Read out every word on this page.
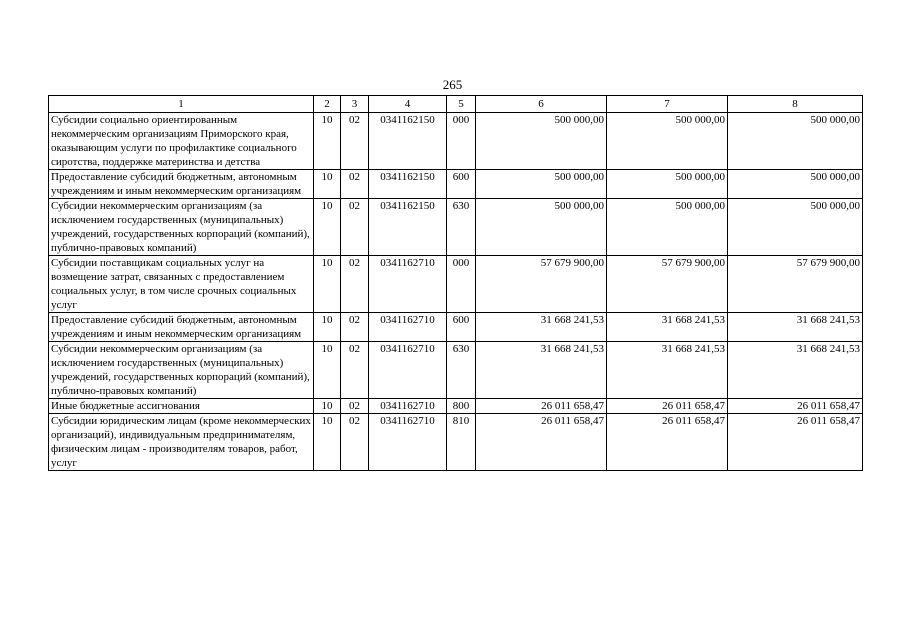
265
1	2	3	4	5	6	7	8
Субсидии социально ориентированным некоммерческим организациям Приморского края, оказывающим услуги по профилактике социального сиротства, поддержке материнства и детства	10	02	0341162150	000	500 000,00	500 000,00	500 000,00
Предоставление субсидий бюджетным, автономным учреждениям и иным некоммерческим организациям	10	02	0341162150	600	500 000,00	500 000,00	500 000,00
Субсидии некоммерческим организациям (за исключением государственных (муниципальных) учреждений, государственных корпораций (компаний), публично-правовых компаний)	10	02	0341162150	630	500 000,00	500 000,00	500 000,00
Субсидии поставщикам социальных услуг на возмещение затрат, связанных с предоставлением социальных услуг, в том числе срочных социальных услуг	10	02	0341162710	000	57 679 900,00	57 679 900,00	57 679 900,00
Предоставление субсидий бюджетным, автономным учреждениям и иным некоммерческим организациям	10	02	0341162710	600	31 668 241,53	31 668 241,53	31 668 241,53
Субсидии некоммерческим организациям (за исключением государственных (муниципальных) учреждений, государственных корпораций (компаний), публично-правовых компаний)	10	02	0341162710	630	31 668 241,53	31 668 241,53	31 668 241,53
Иные бюджетные ассигнования	10	02	0341162710	800	26 011 658,47	26 011 658,47	26 011 658,47
Субсидии юридическим лицам (кроме некоммерческих организаций), индивидуальным предпринимателям, физическим лицам - производителям товаров, работ, услуг	10	02	0341162710	810	26 011 658,47	26 011 658,47	26 011 658,47
